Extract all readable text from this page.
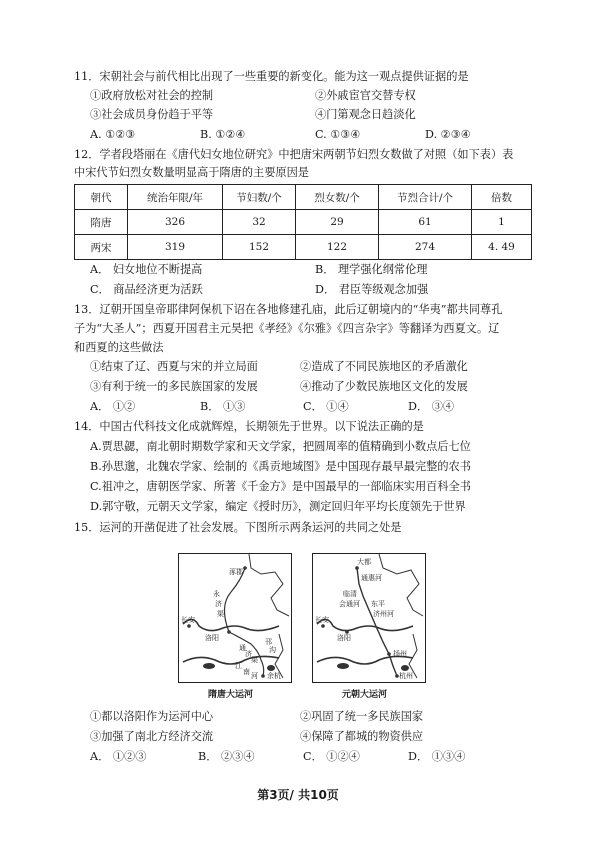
11．宋朝社会与前代相比出现了一些重要的新变化。能为这一观点提供证据的是
①政府放松对社会的控制	②外戚宦官交替专权
③社会成员身份趋于平等	④门第观念日趋淡化
A. ①②③	B. ①②④	C. ①③④	D. ②③④
12．学者段塔丽在《唐代妇女地位研究》中把唐宋两朝节妇烈女数做了对照（如下表）表
中宋代节妇烈女数量明显高于隋唐的主要原因是
朝代	统治年限/年	节妇数/个	烈女数/个	节烈合计/个	倍数
隋唐	326	32	29	61	1
两宋	319	152	122	274	4. 49
A． 妇女地位不断提高	B． 理学强化纲常伦理
C． 商品经济更为活跃	D． 君臣等级观念加强
13．辽朝开国皇帝耶律阿保机下诏在各地修建孔庙，此后辽朝境内的“华夷”都共同尊孔
子为“大圣人”；西夏开国君主元昊把《孝经》《尔雅》《四言杂字》等翻译为西夏文。辽
和西夏的这些做法
①结束了辽、西夏与宋的并立局面	②造成了不同民族地区的矛盾激化
③有利于统一的多民族国家的发展	④推动了少数民族地区文化的发展
A． ①②	B． ①③	C． ①④	D． ③④
14．中国古代科技文化成就辉煌，长期领先于世界。以下说法正确的是
A.贾思勰，南北朝时期数学家和天文学家，把圆周率的值精确到小数点后七位
B.孙思邈，北魏农学家、绘制的《禹贡地域图》是中国现存最早最完整的农书
C.祖冲之，唐朝医学家、所著《千金方》是中国最早的一部临床实用百科全书
D.郭守敬，元朝天文学家，编定《授时历》，测定回归年平均长度领先于世界
15．运河的开凿促进了社会发展。下图所示两条运河的共同之处是
涿郡
永
济
渠
长安
洛阳
通
济
渠
邗
沟
江
南 河 余杭
隋唐大运河
大都
通惠河
临清
会通河 东平
济州河
长安
洛阳
扬州
杭州
元朝大运河
①都以洛阳作为运河中心	②巩固了统一多民族国家
③加强了南北方经济交流	④保障了都城的物资供应
A． ①②③	B． ②③④	C． ①②④	D． ①③④
第3页/ 共10页
